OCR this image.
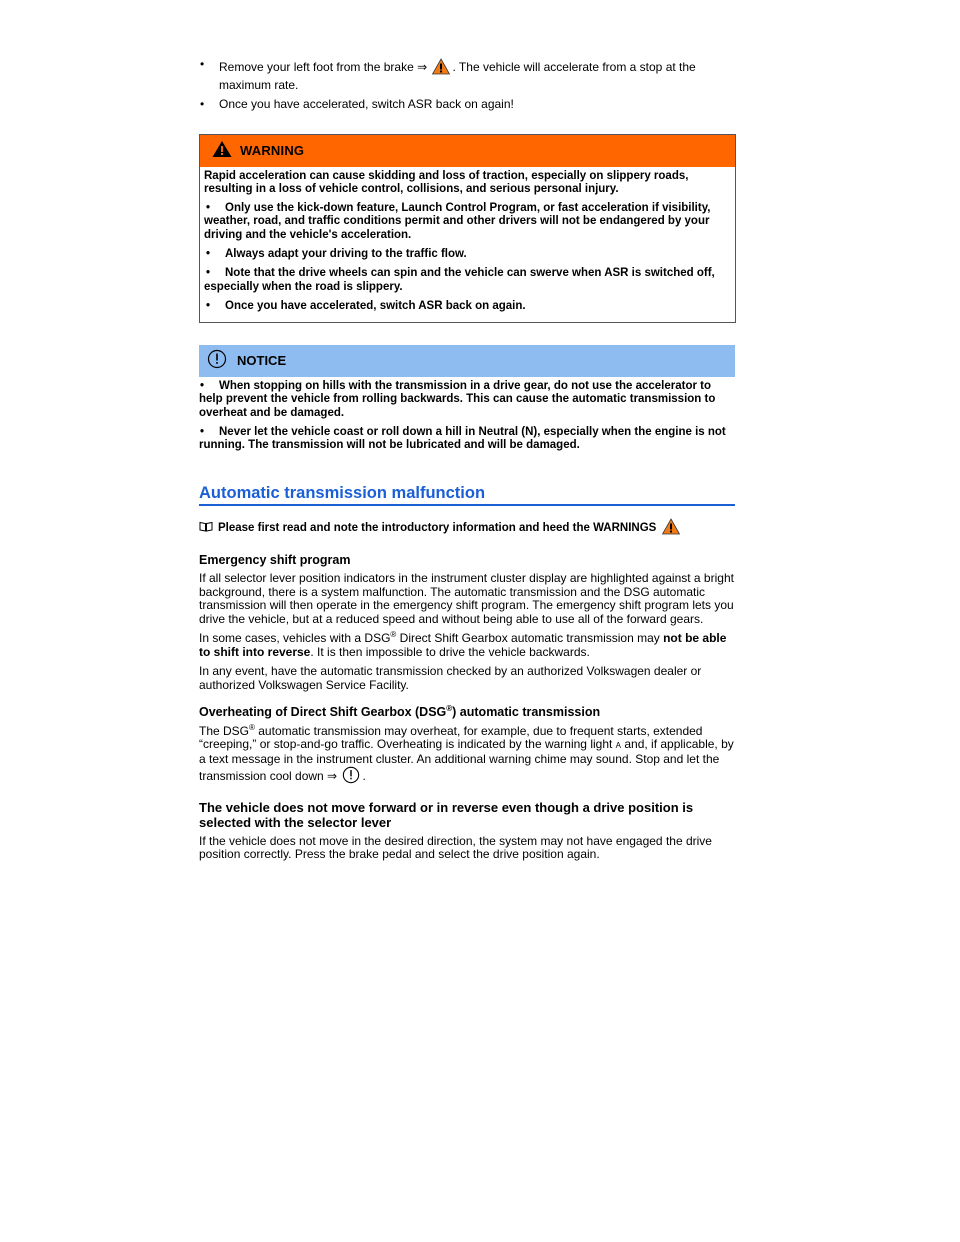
•	Remove your left foot from the brake ⇒ . The vehicle will accelerate from a stop at the maximum rate.
•	Once you have accelerated, switch ASR back on again!
WARNING

Rapid acceleration can cause skidding and loss of traction, especially on slippery roads, resulting in a loss of vehicle control, collisions, and serious personal injury.

• Only use the kick-down feature, Launch Control Program, or fast acceleration if visibility, weather, road, and traffic conditions permit and other drivers will not be endangered by your driving and the vehicle's acceleration.
• Always adapt your driving to the traffic flow.
• Note that the drive wheels can spin and the vehicle can swerve when ASR is switched off, especially when the road is slippery.
• Once you have accelerated, switch ASR back on again.
NOTICE
• When stopping on hills with the transmission in a drive gear, do not use the accelerator to help prevent the vehicle from rolling backwards. This can cause the automatic transmission to overheat and be damaged.
• Never let the vehicle coast or roll down a hill in Neutral (N), especially when the engine is not running. The transmission will not be lubricated and will be damaged.
Automatic transmission malfunction
Please first read and note the introductory information and heed the WARNINGS
Emergency shift program

If all selector lever position indicators in the instrument cluster display are highlighted against a bright background, there is a system malfunction. The automatic transmission and the DSG automatic transmission will then operate in the emergency shift program. The emergency shift program lets you drive the vehicle, but at a reduced speed and without being able to use all of the forward gears.

In some cases, vehicles with a DSG® Direct Shift Gearbox automatic transmission may not be able to shift into reverse. It is then impossible to drive the vehicle backwards.

In any event, have the automatic transmission checked by an authorized Volkswagen dealer or authorized Volkswagen Service Facility.

Overheating of Direct Shift Gearbox (DSG®) automatic transmission

The DSG® automatic transmission may overheat, for example, due to frequent starts, extended “creeping,” or stop-and-go traffic. Overheating is indicated by the warning light A and, if applicable, by a text message in the instrument cluster. An additional warning chime may sound. Stop and let the transmission cool down ⇒ .

The vehicle does not move forward or in reverse even though a drive position is selected with the selector lever

If the vehicle does not move in the desired direction, the system may not have engaged the drive position correctly. Press the brake pedal and select the drive position again.
